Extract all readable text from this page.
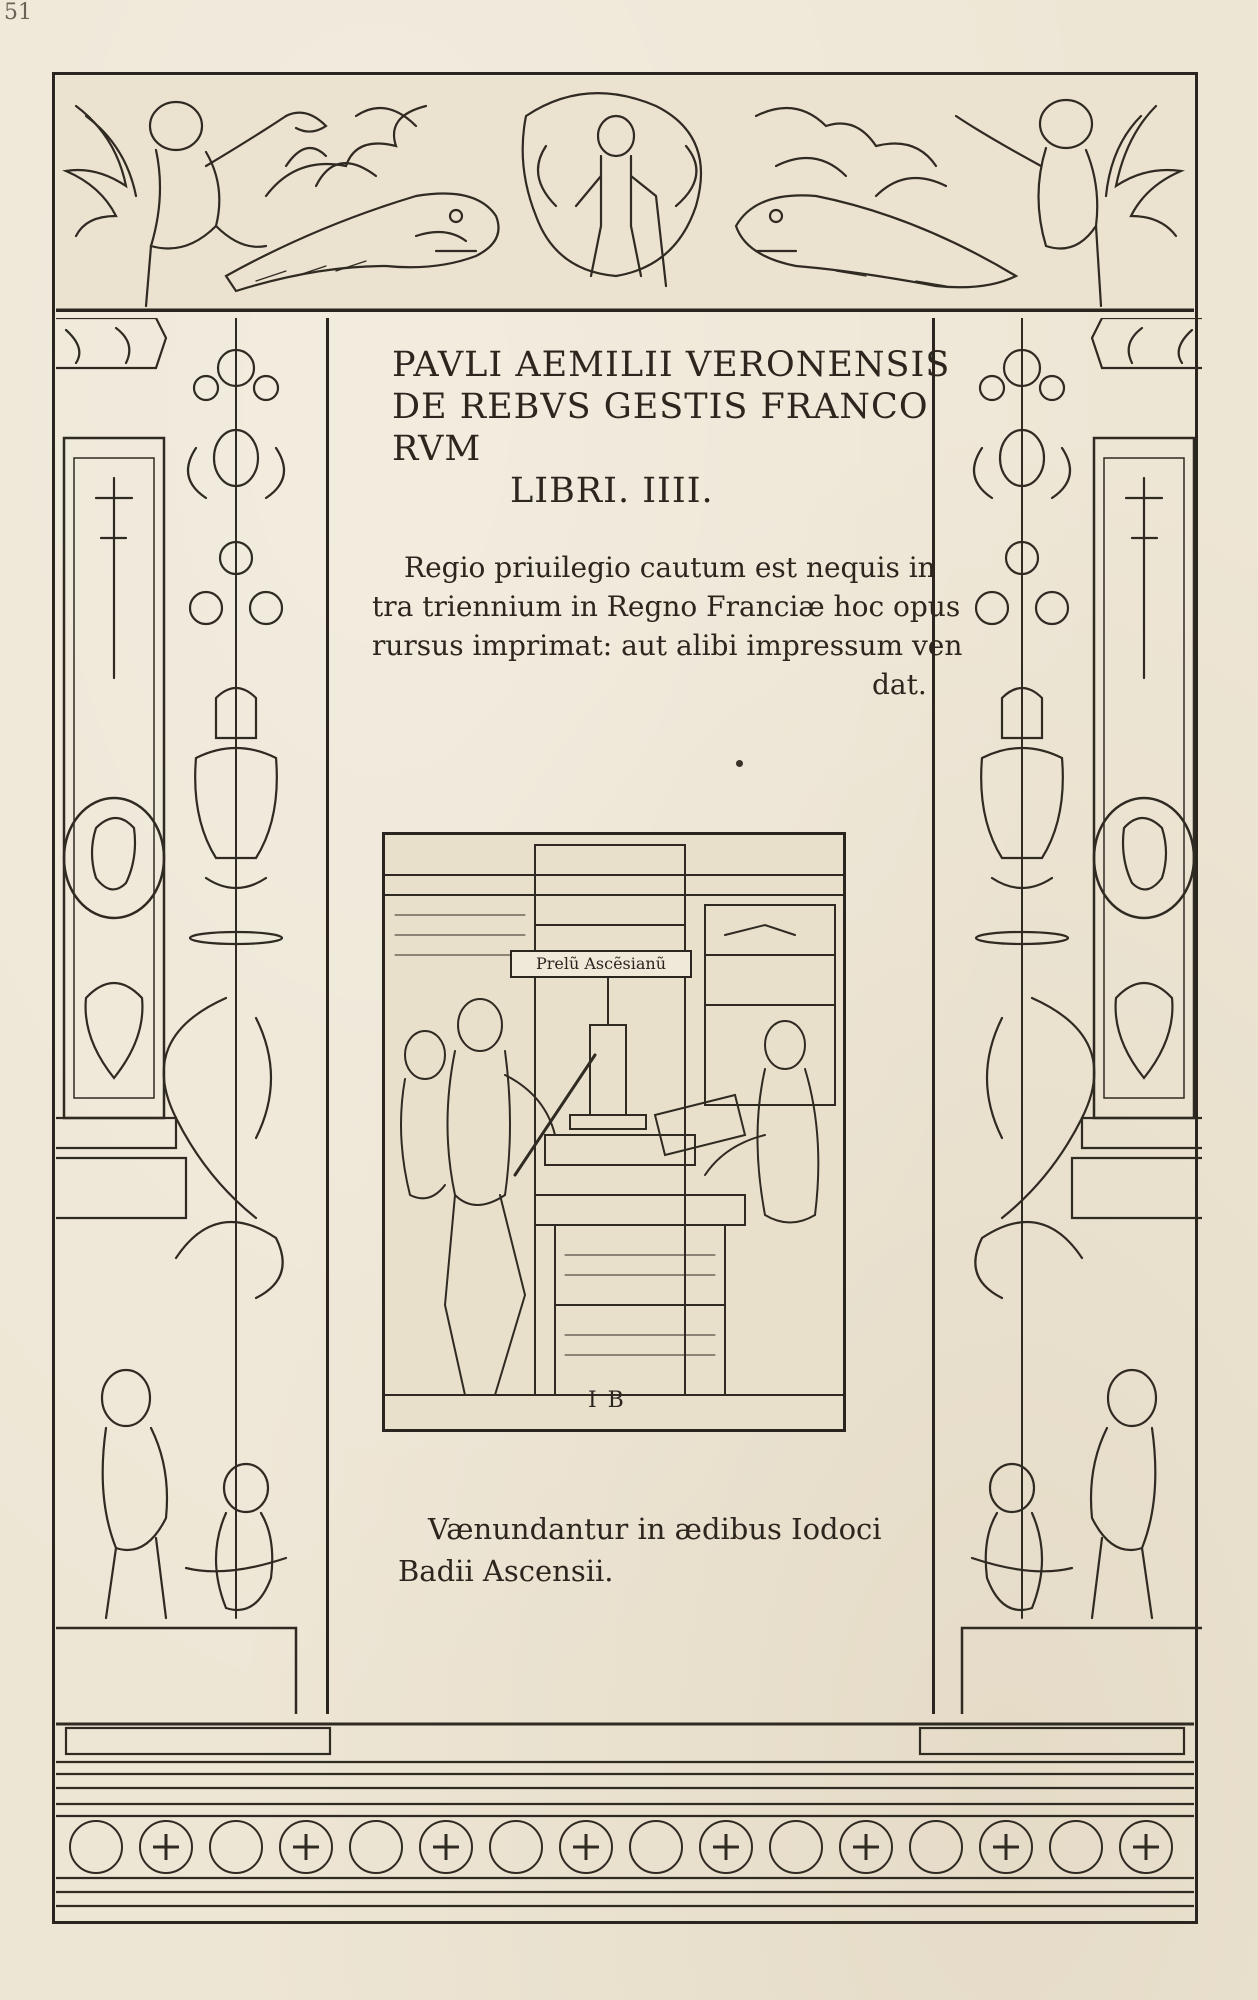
51
PAVLI AEMILII VERONENSIS
DE REBVS GESTIS FRANCO
RVM
LIBRI. IIII.
Regio priuilegio cautum est nequis in
tra triennium in Regno Franciæ hoc opus
rursus imprimat: aut alibi impressum ven
dat.
Prelũ Ascẽsianũ
I B
Vænundantur in ædibus Iodoci
Badii Ascensii.
